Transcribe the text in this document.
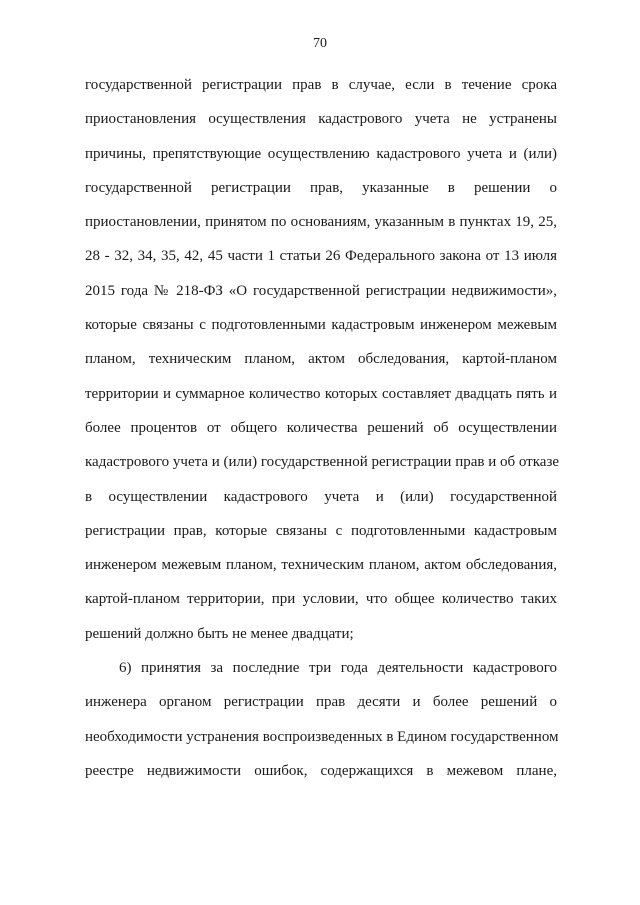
70
государственной регистрации прав в случае, если в течение срока
приостановления осуществления кадастрового учета не устранены
причины, препятствующие осуществлению кадастрового учета и (или)
государственной регистрации прав, указанные в решении о
приостановлении, принятом по основаниям, указанным в пунктах 19, 25,
28 - 32, 34, 35, 42, 45 части 1 статьи 26 Федерального закона от 13 июля
2015 года № 218-ФЗ «О государственной регистрации недвижимости»,
которые связаны с подготовленными кадастровым инженером межевым
планом, техническим планом, актом обследования, картой-планом
территории и суммарное количество которых составляет двадцать пять и
более процентов от общего количества решений об осуществлении
кадастрового учета и (или) государственной регистрации прав и об отказе
в осуществлении кадастрового учета и (или) государственной
регистрации прав, которые связаны с подготовленными кадастровым
инженером межевым планом, техническим планом, актом обследования,
картой-планом территории, при условии, что общее количество таких
решений должно быть не менее двадцати;
6) принятия за последние три года деятельности кадастрового
инженера органом регистрации прав десяти и более решений о
необходимости устранения воспроизведенных в Едином государственном
реестре недвижимости ошибок, содержащихся в межевом плане,
